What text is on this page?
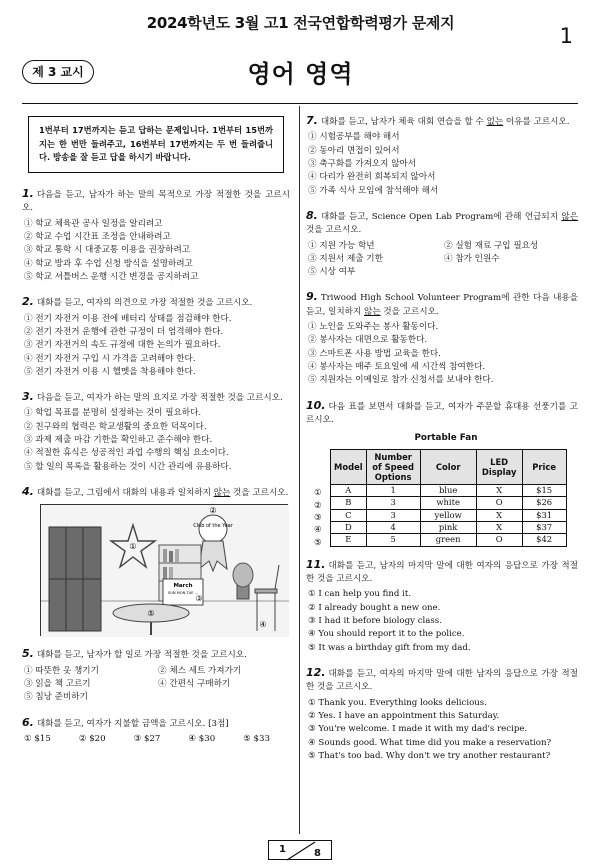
2024학년도 3월 고1 전국연합학력평가 문제지
1
제 3 교시	영어 영역
1번부터 17번까지는 듣고 답하는 문제입니다. 1번부터 15번까지는 한 번만 들려주고, 16번부터 17번까지는 두 번 들려줍니다. 방송을 잘 듣고 답을 하시기 바랍니다.
1. 다음을 듣고, 남자가 하는 말의 목적으로 가장 적절한 것을 고르시오.
① 학교 체육관 공사 일정을 알리려고
② 학교 수업 시간표 조정을 안내하려고
③ 학교 통학 시 대중교통 이용을 권장하려고
④ 학교 방과 후 수업 신청 방식을 설명하려고
⑤ 학교 셔틀버스 운행 시간 변경을 공지하려고
2. 대화를 듣고, 여자의 의견으로 가장 적절한 것을 고르시오.
① 전기 자전거 이용 전에 배터리 상태를 점검해야 한다.
② 전기 자전거 운행에 관한 규정이 더 엄격해야 한다.
③ 전기 자전거의 속도 규정에 대한 논의가 필요하다.
④ 전기 자전거 구입 시 가격을 고려해야 한다.
⑤ 전기 자전거 이용 시 헬멧을 착용해야 한다.
3. 다음을 듣고, 여자가 하는 말의 요지로 가장 적절한 것을 고르시오.
① 학업 목표를 분명히 설정하는 것이 필요하다.
② 친구와의 협력은 학교생활의 중요한 덕목이다.
③ 과제 제출 마감 기한을 확인하고 준수해야 한다.
④ 적절한 휴식은 성공적인 과업 수행의 핵심 요소이다.
⑤ 할 일의 목록을 활용하는 것이 시간 관리에 유용하다.
4. 대화를 듣고, 그림에서 대화의 내용과 일치하지 않는 것을 고르시오.
①
Club of the Year
②
March
SUN MON TUE ...
③
⑤
④
5. 대화를 듣고, 남자가 할 일로 가장 적절한 것을 고르시오.
① 따뜻한 옷 챙기기	② 체스 세트 가져가기
③ 읽을 책 고르기	④ 간편식 구매하기
⑤ 침낭 준비하기
6. 대화를 듣고, 여자가 지불할 금액을 고르시오. [3점]
① $15	② $20	③ $27	④ $30	⑤ $33
7. 대화를 듣고, 남자가 체육 대회 연습을 할 수 없는 이유를 고르시오.
① 시험공부를 해야 해서
② 동아리 면접이 있어서
③ 축구화를 가져오지 않아서
④ 다리가 완전히 회복되지 않아서
⑤ 가족 식사 모임에 참석해야 해서
8. 대화를 듣고, Science Open Lab Program에 관해 언급되지 않은 것을 고르시오.
① 지원 가능 학년	② 실험 재료 구입 필요성
③ 지원서 제출 기한	④ 참가 인원수
⑤ 시상 여부
9. Triwood High School Volunteer Program에 관한 다음 내용을 듣고, 일치하지 않는 것을 고르시오.
① 노인을 도와주는 봉사 활동이다.
② 봉사자는 대면으로 활동한다.
③ 스마트폰 사용 방법 교육을 한다.
④ 봉사자는 매주 토요일에 세 시간씩 참여한다.
⑤ 지원자는 이메일로 참가 신청서를 보내야 한다.
10. 다음 표를 보면서 대화를 듣고, 여자가 주문할 휴대용 선풍기를 고르시오.
Portable Fan
Model	Number of Speed Options	Color	LED Display	Price
A	1	blue	X	$15
B	3	white	O	$26
C	3	yellow	X	$31
D	4	pink	X	$37
E	5	green	O	$42
①
②
③
④
⑤
11. 대화를 듣고, 남자의 마지막 말에 대한 여자의 응답으로 가장 적절한 것을 고르시오.
① I can help you find it.
② I already bought a new one.
③ I had it before biology class.
④ You should report it to the police.
⑤ It was a birthday gift from my dad.
12. 대화를 듣고, 여자의 마지막 말에 대한 남자의 응답으로 가장 적절한 것을 고르시오.
① Thank you. Everything looks delicious.
② Yes. I have an appointment this Saturday.
③ You're welcome. I made it with my dad's recipe.
④ Sounds good. What time did you make a reservation?
⑤ That's too bad. Why don't we try another restaurant?
1	8
